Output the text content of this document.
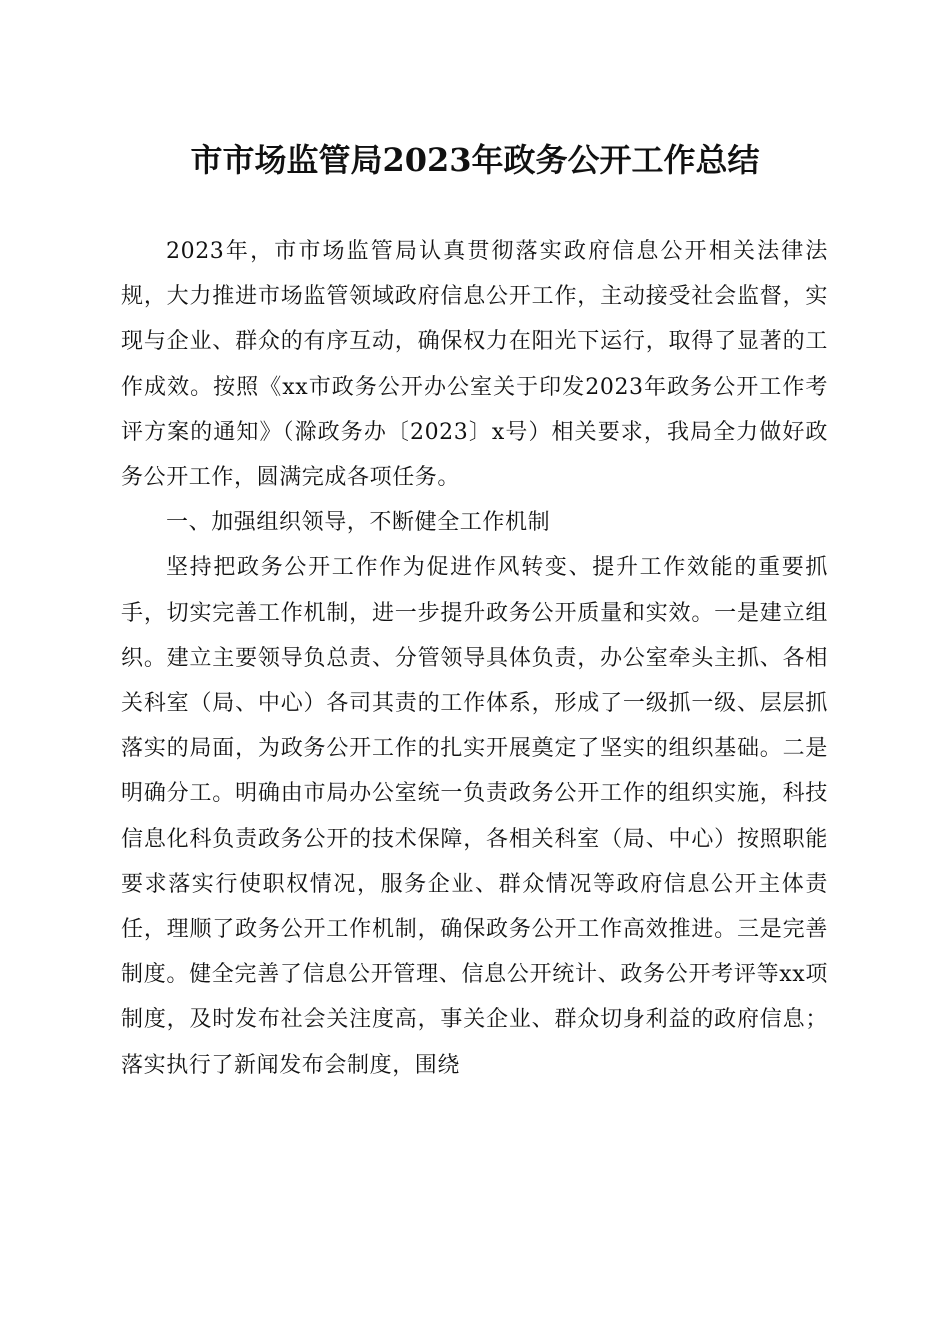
市市场监管局2023年政务公开工作总结

2023年，市市场监管局认真贯彻落实政府信息公开相关法律法规，大力推进市场监管领域政府信息公开工作，主动接受社会监督，实现与企业、群众的有序互动，确保权力在阳光下运行，取得了显著的工作成效。按照《xx市政务公开办公室关于印发2023年政务公开工作考评方案的通知》（滁政务办〔2023〕x号）相关要求，我局全力做好政务公开工作，圆满完成各项任务。

一、加强组织领导，不断健全工作机制

坚持把政务公开工作作为促进作风转变、提升工作效能的重要抓手，切实完善工作机制，进一步提升政务公开质量和实效。一是建立组织。建立主要领导负总责、分管领导具体负责，办公室牵头主抓、各相关科室（局、中心）各司其责的工作体系，形成了一级抓一级、层层抓落实的局面，为政务公开工作的扎实开展奠定了坚实的组织基础。二是明确分工。明确由市局办公室统一负责政务公开工作的组织实施，科技信息化科负责政务公开的技术保障，各相关科室（局、中心）按照职能要求落实行使职权情况，服务企业、群众情况等政府信息公开主体责任，理顺了政务公开工作机制，确保政务公开工作高效推进。三是完善制度。健全完善了信息公开管理、信息公开统计、政务公开考评等xx项制度，及时发布社会关注度高，事关企业、群众切身利益的政府信息；落实执行了新闻发布会制度，围绕
